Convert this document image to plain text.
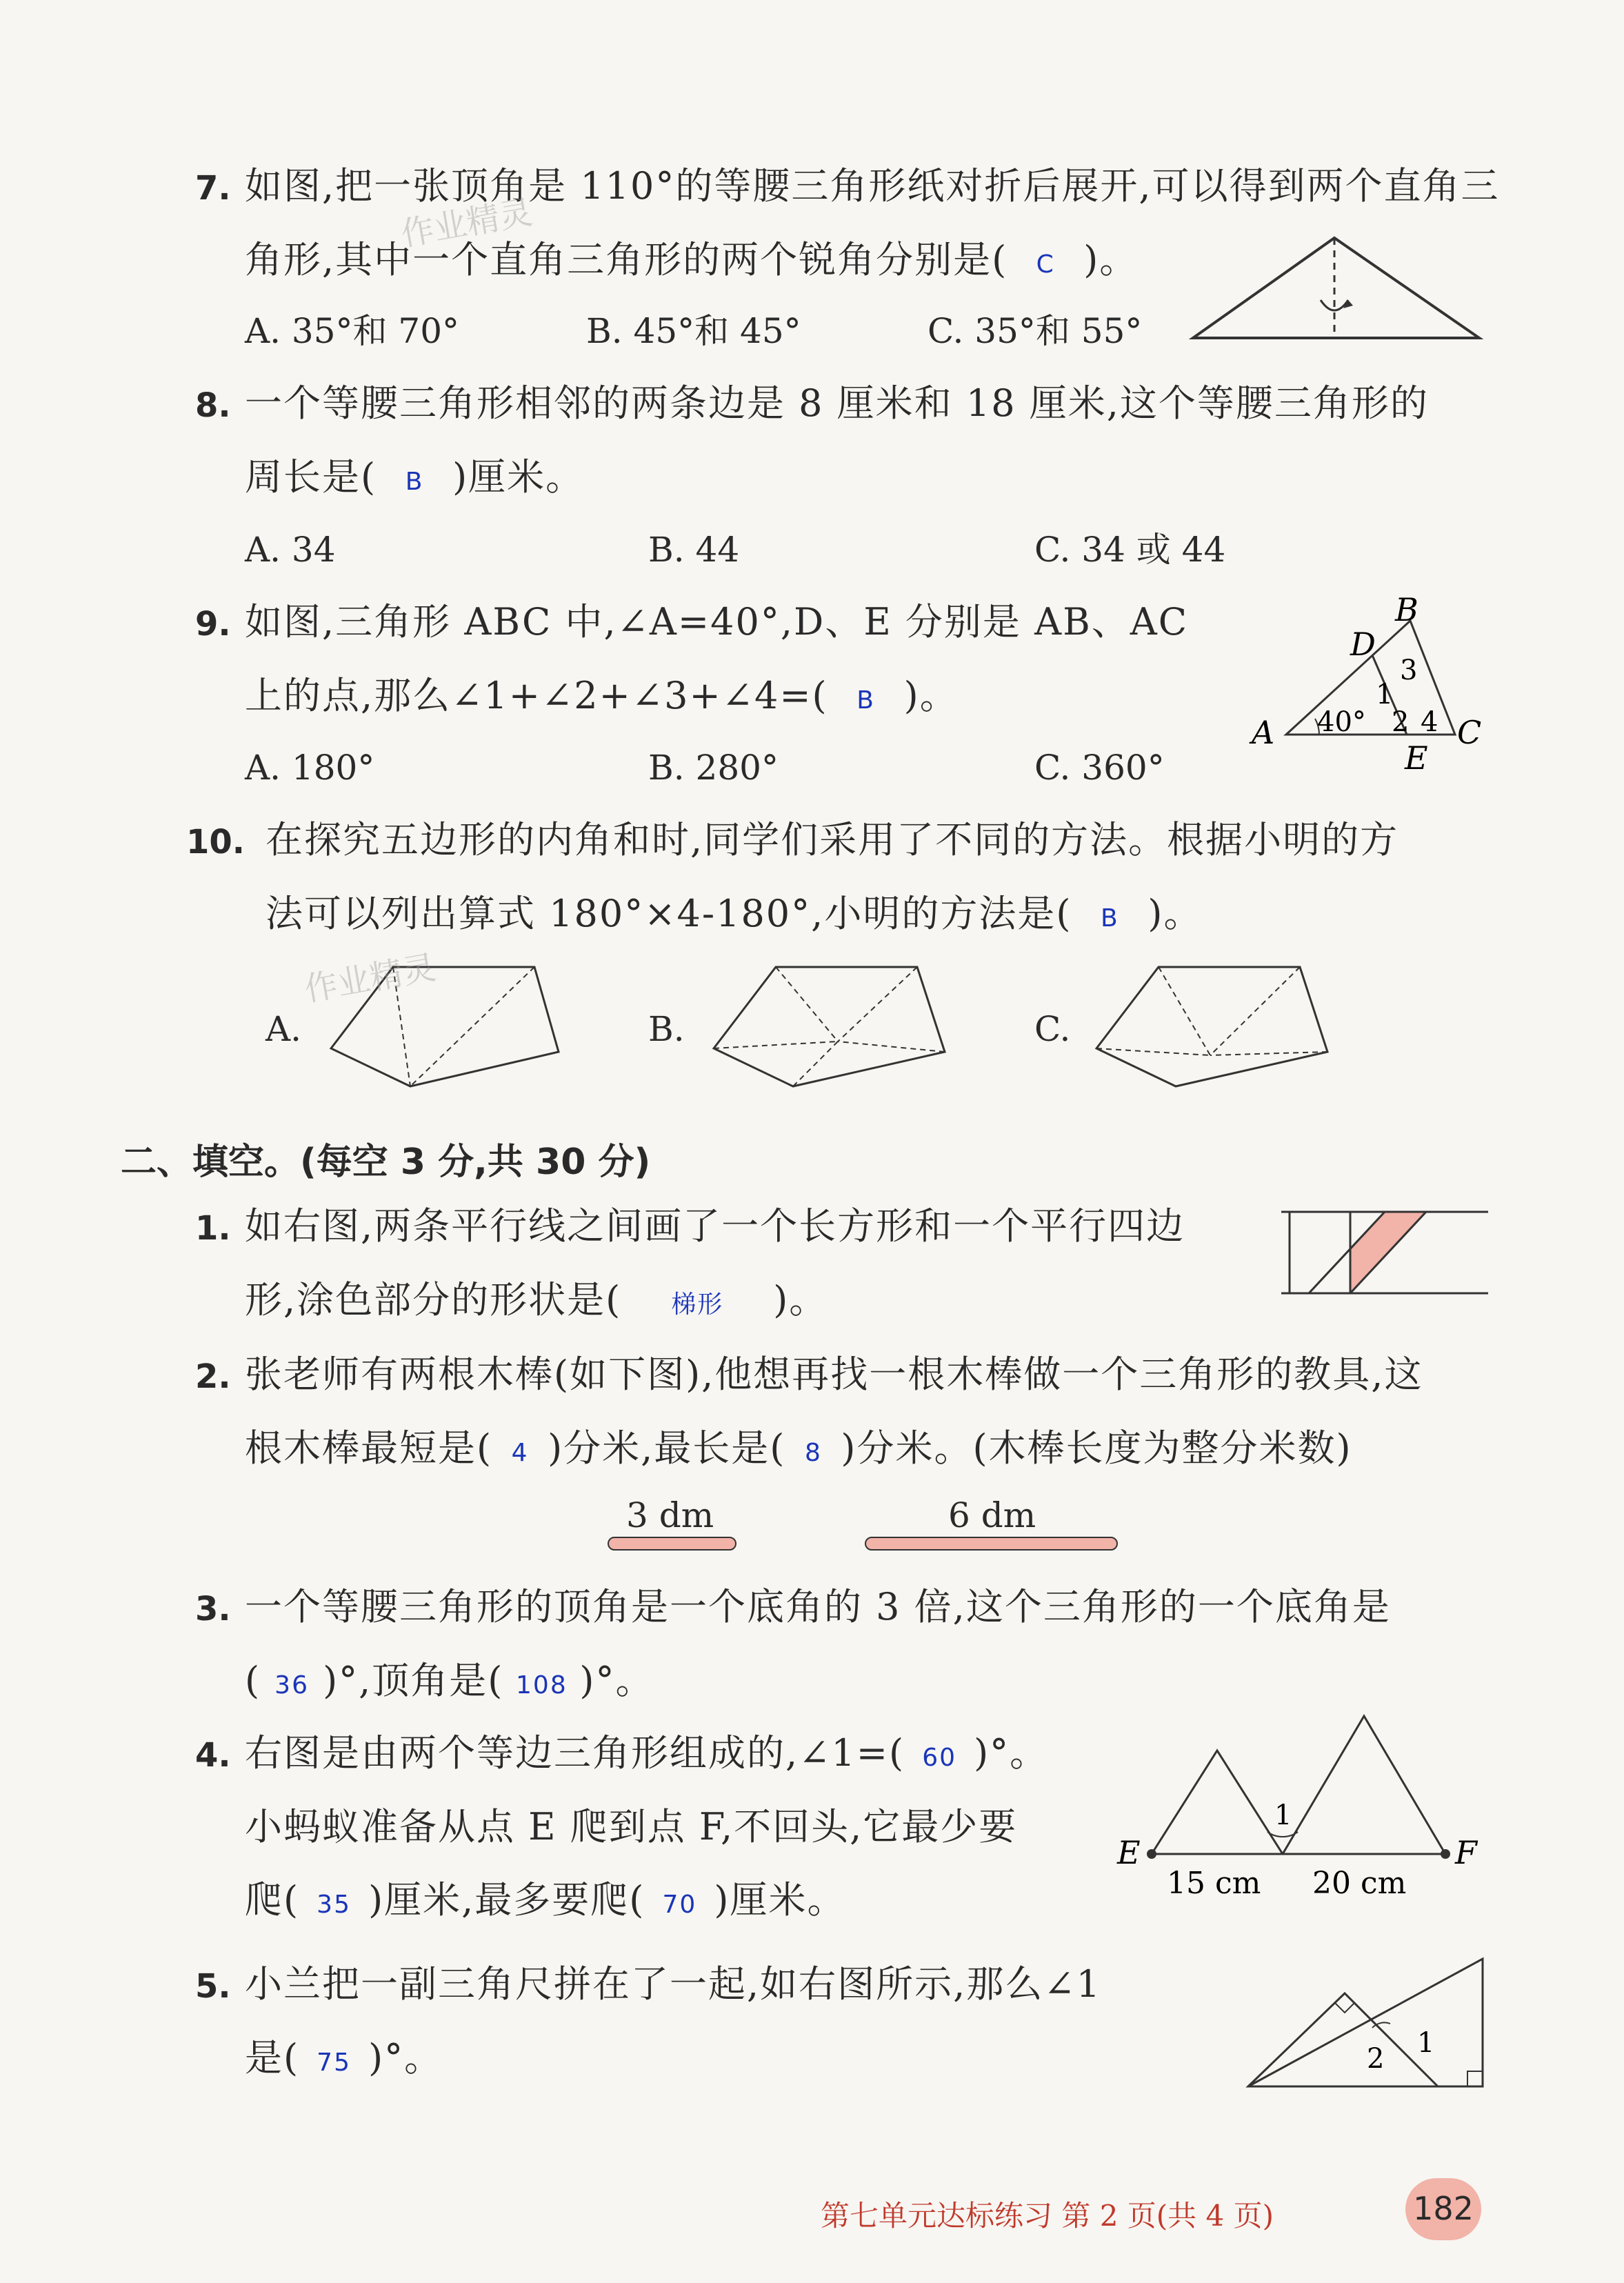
7. 如图,把一张顶角是 110°的等腰三角形纸对折后展开,可以得到两个直角三
角形,其中一个直角三角形的两个锐角分别是( C )。
A. 35°和 70°	B. 45°和 45°	C. 35°和 55°
8. 一个等腰三角形相邻的两条边是 8 厘米和 18 厘米,这个等腰三角形的
周长是( B )厘米。
A. 34	B. 44	C. 34 或 44
9. 如图,三角形 ABC 中,∠A=40°,D、E 分别是 AB、AC
上的点,那么∠1+∠2+∠3+∠4=( B )。
A. 180°	B. 280°	C. 360°
A
B
C
D
E
40°
1
2
3
4
10. 在探究五边形的内角和时,同学们采用了不同的方法。根据小明的方
法可以列出算式 180°×4-180°,小明的方法是( B )。
A.	B.	C.
二、填空。(每空 3 分,共 30 分)
1. 如右图,两条平行线之间画了一个长方形和一个平行四边
形,涂色部分的形状是( 梯形 )。
2. 张老师有两根木棒(如下图),他想再找一根木棒做一个三角形的教具,这
根木棒最短是( 4 )分米,最长是( 8 )分米。(木棒长度为整分米数)
3 dm	6 dm
3. 一个等腰三角形的顶角是一个底角的 3 倍,这个三角形的一个底角是
( 36 )°,顶角是( 108 )°。
4. 右图是由两个等边三角形组成的,∠1=( 60 )°。
小蚂蚁准备从点 E 爬到点 F,不回头,它最少要
爬( 35 )厘米,最多要爬( 70 )厘米。
E	F
1
15 cm 20 cm
5. 小兰把一副三角尺拼在了一起,如右图所示,那么∠1
是( 75 )°。	1
2
作业精灵
作业精灵
第七单元达标练习 第 2 页(共 4 页)	182
